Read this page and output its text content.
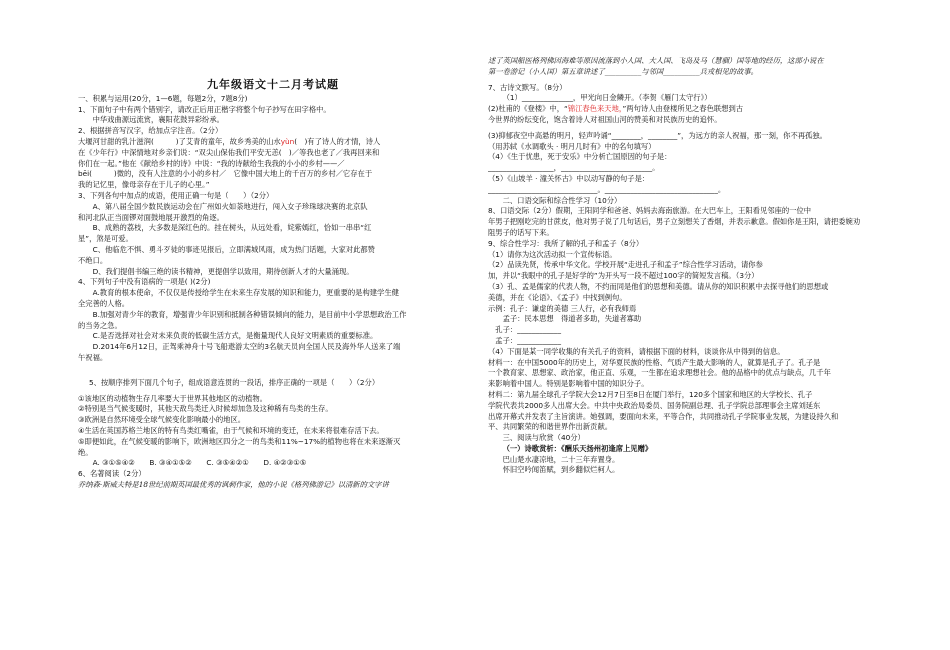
九年级语文十二月考试题
一、积累与运用(20分，1—6题，每题2分，7题8分)
1、下面句子中有两个错别字，请改正后用正楷字将整个句子抄写在田字格中。
中华戏曲源远流赏，襄阳花鼓异彩纷承。
2、根据拼音写汉字，给加点字注音。（2分）
大堰河甘甜的乳汁滋润(　　　)了艾青的童年，故乡秀美的山水yùn(　)有了诗人的才情，诗人
在《少年行》中深情地对乡亲们说：“双尖山保佑我们平安无恙(　)／等我也老了／我再回来和
你们在一起。”他在《献给乡村的诗》中说：“我的诗献给生我我的小小的乡村——／
bēi(　　　)微的，没有人注意的小小的乡村／　它像中国大地上的千百万的乡村／它存在于
我的记忆里，像母亲存在于儿子的心里。”
3、下列各句中加点的成语，使用正确一句是（　　）（2分）
A、第八届全国少数民族运动会在广州如火如荼地进行，闯入女子珍珠球决赛的北京队
和河北队正当面锣对面鼓地展开激烈的角逐。
B、成熟的荔枝，大多数是深红色的。挂在树头，从远处看，姹紫嫣红，恰如一串串“红
星”，煞是可爱。
C、他临危不惧、勇斗歹徒的事迹见报后，立即满城风雨，成为热门话题，大家对此都赞
不绝口。
D、我们提倡书编三绝的读书精神，更提倡学以致用，期待创新人才的大量涌现。
4、下列句子中没有语病的一项是( )(2分)
A.教育的根本使命，不仅仅是传授给学生在未来生存发展的知识和能力，更重要的是构建学生健
全完善的人格。
B.加强对青少年的教育，增强青少年识别和抵制各种错误倾向的能力，是目前中小学思想政治工作
的当务之急。
C.是否选择对社会对未来负责的低碳生活方式，是衡量现代人良好文明素质的重要标准。
D.2014年6月12日，正驾乘神舟十号飞船遨游太空的3名航天员向全国人民及海外华人送来了端
午祝福。
5、按顺序排列下面几个句子，组成语意连贯的一段话，排序正确的一项是（　　）（2分）
①该地区的动植物生存几率要大于世界其他地区的动植物。
②特别是当气候变暖时，其他天敌鸟类迁入时候却加急及这种稀有鸟类的生存。
③欧洲是自然环境受全球气候变化影响最小的地区。
④生活在英国苏格兰地区的特有鸟类红嘴雀，由于气候和环境的变迁，在未来将很难存活下去。
⑤即便如此，在气候变暖的影响下，欧洲地区四分之一的鸟类和11%~17%的植物也将在未来逐渐灭
绝。
A. ③①⑤④②　　B. ③④①⑤②　　C. ③⑤④②①　　D. ④②③①⑤
6、名著阅读（2分）
乔纳森·斯威夫特是18世纪前期英国最优秀的讽刺作家，他的小说《格列佛游记》以清新的文字讲
述了英国船医格列佛因海难等原因流落到小人国、大人国、飞岛及马（慧骃）国等地的经历，这部小说在
第一卷游记（小人国）第五章讲述了__________与邻国__________兵戎相见的故事。
7、古诗文默写。（8分）
（1）______________，甲光向日金鳞开。（李贺《雁门太守行》）
(2)杜甫的《登楼》中，“锦江春色来天地，”两句诗人由登楼所见之春色联想到古
今世界的纷纭变化，饱含着诗人对祖国山河的赞美和对民族历史的追怀。
(3)抑郁夜空中高悬的明月，轻声吟诵“________，________”，为远方的亲人祝福，那一刻，你不再孤独。
（用苏轼《水调歌头 · 明月几时有》中的名句填写）
（4）《生于忧患，死于安乐》中分析亡国原因的句子是：
__________________，_________________________。
（5）《山坡羊 · 潼关怀古》中以动写静的句子是：
______________________________。_______________________________。
二、口语交际和综合性学习（10分）
8、口语交际（2分）假期，王阳同学和爸爸、妈妈去海南旅游。在大巴车上，王阳看见邻座的一位中
年男子把刚吃完的甘蔗皮，他对男子说了几句话后，男子立刻想关了香烟，并表示歉意。假如你是王阳，请把委婉劝
阻男子的话写下来。
9、综合性学习：我所了解的孔子和孟子（8分）
（1）请你为这次活动拟一个宣传标语。
（2）品读先贤，传承中华文化。学校开展“走进孔子和孟子”综合性学习活动，请你参
加，并以“我眼中的孔子是好学的”为开头写一段不超过100字的简短发言稿。（3分）
（3）孔、孟是儒家的代表人物，不约而同是他们的思想和美德。请从你的知识积累中去探寻他们的思想或
美德，并在《论语》、《孟子》中找到例句。
示例：孔子：谦虚的美德 三人行，必有我师焉
　　孟子：民本思想　得道者多助，失道者寡助
　孔子：____________
　孟子：____________
（4）下面是某一同学收集的有关孔子的资料，请根据下面的材料，谈谈你从中得到的信息。
材料一：在中国5000年的历史上，对华夏民族的性格、气质产生最大影响的人，就算是孔子了。孔子是
一个教育家、思想家、政治家，他正直、乐观，一生都在追求理想社会。他的品格中的优点与缺点，几千年
来影响着中国人。特别是影响着中国的知识分子。
材料二：第九届全球孔子学院大会12月7日至8日在厦门举行，120多个国家和地区的大学校长、孔子
学院代表共2000多人出席大会。中共中央政治局委员、国务院副总理、孔子学院总部理事会主席刘延东
出席开幕式并发表了主旨演讲。她强调，要面向未来，平等合作，共同推动孔子学院事业发展，为建设持久和
平、共同繁荣的和谐世界作出新贡献。
三、阅读与欣赏（40分）
（一）诗歌赏析：《酬乐天扬州初逢席上见赠》
巴山楚水凄凉地，二十三年弃置身。
怀旧空吟闻笛赋，到乡翻似烂柯人。
